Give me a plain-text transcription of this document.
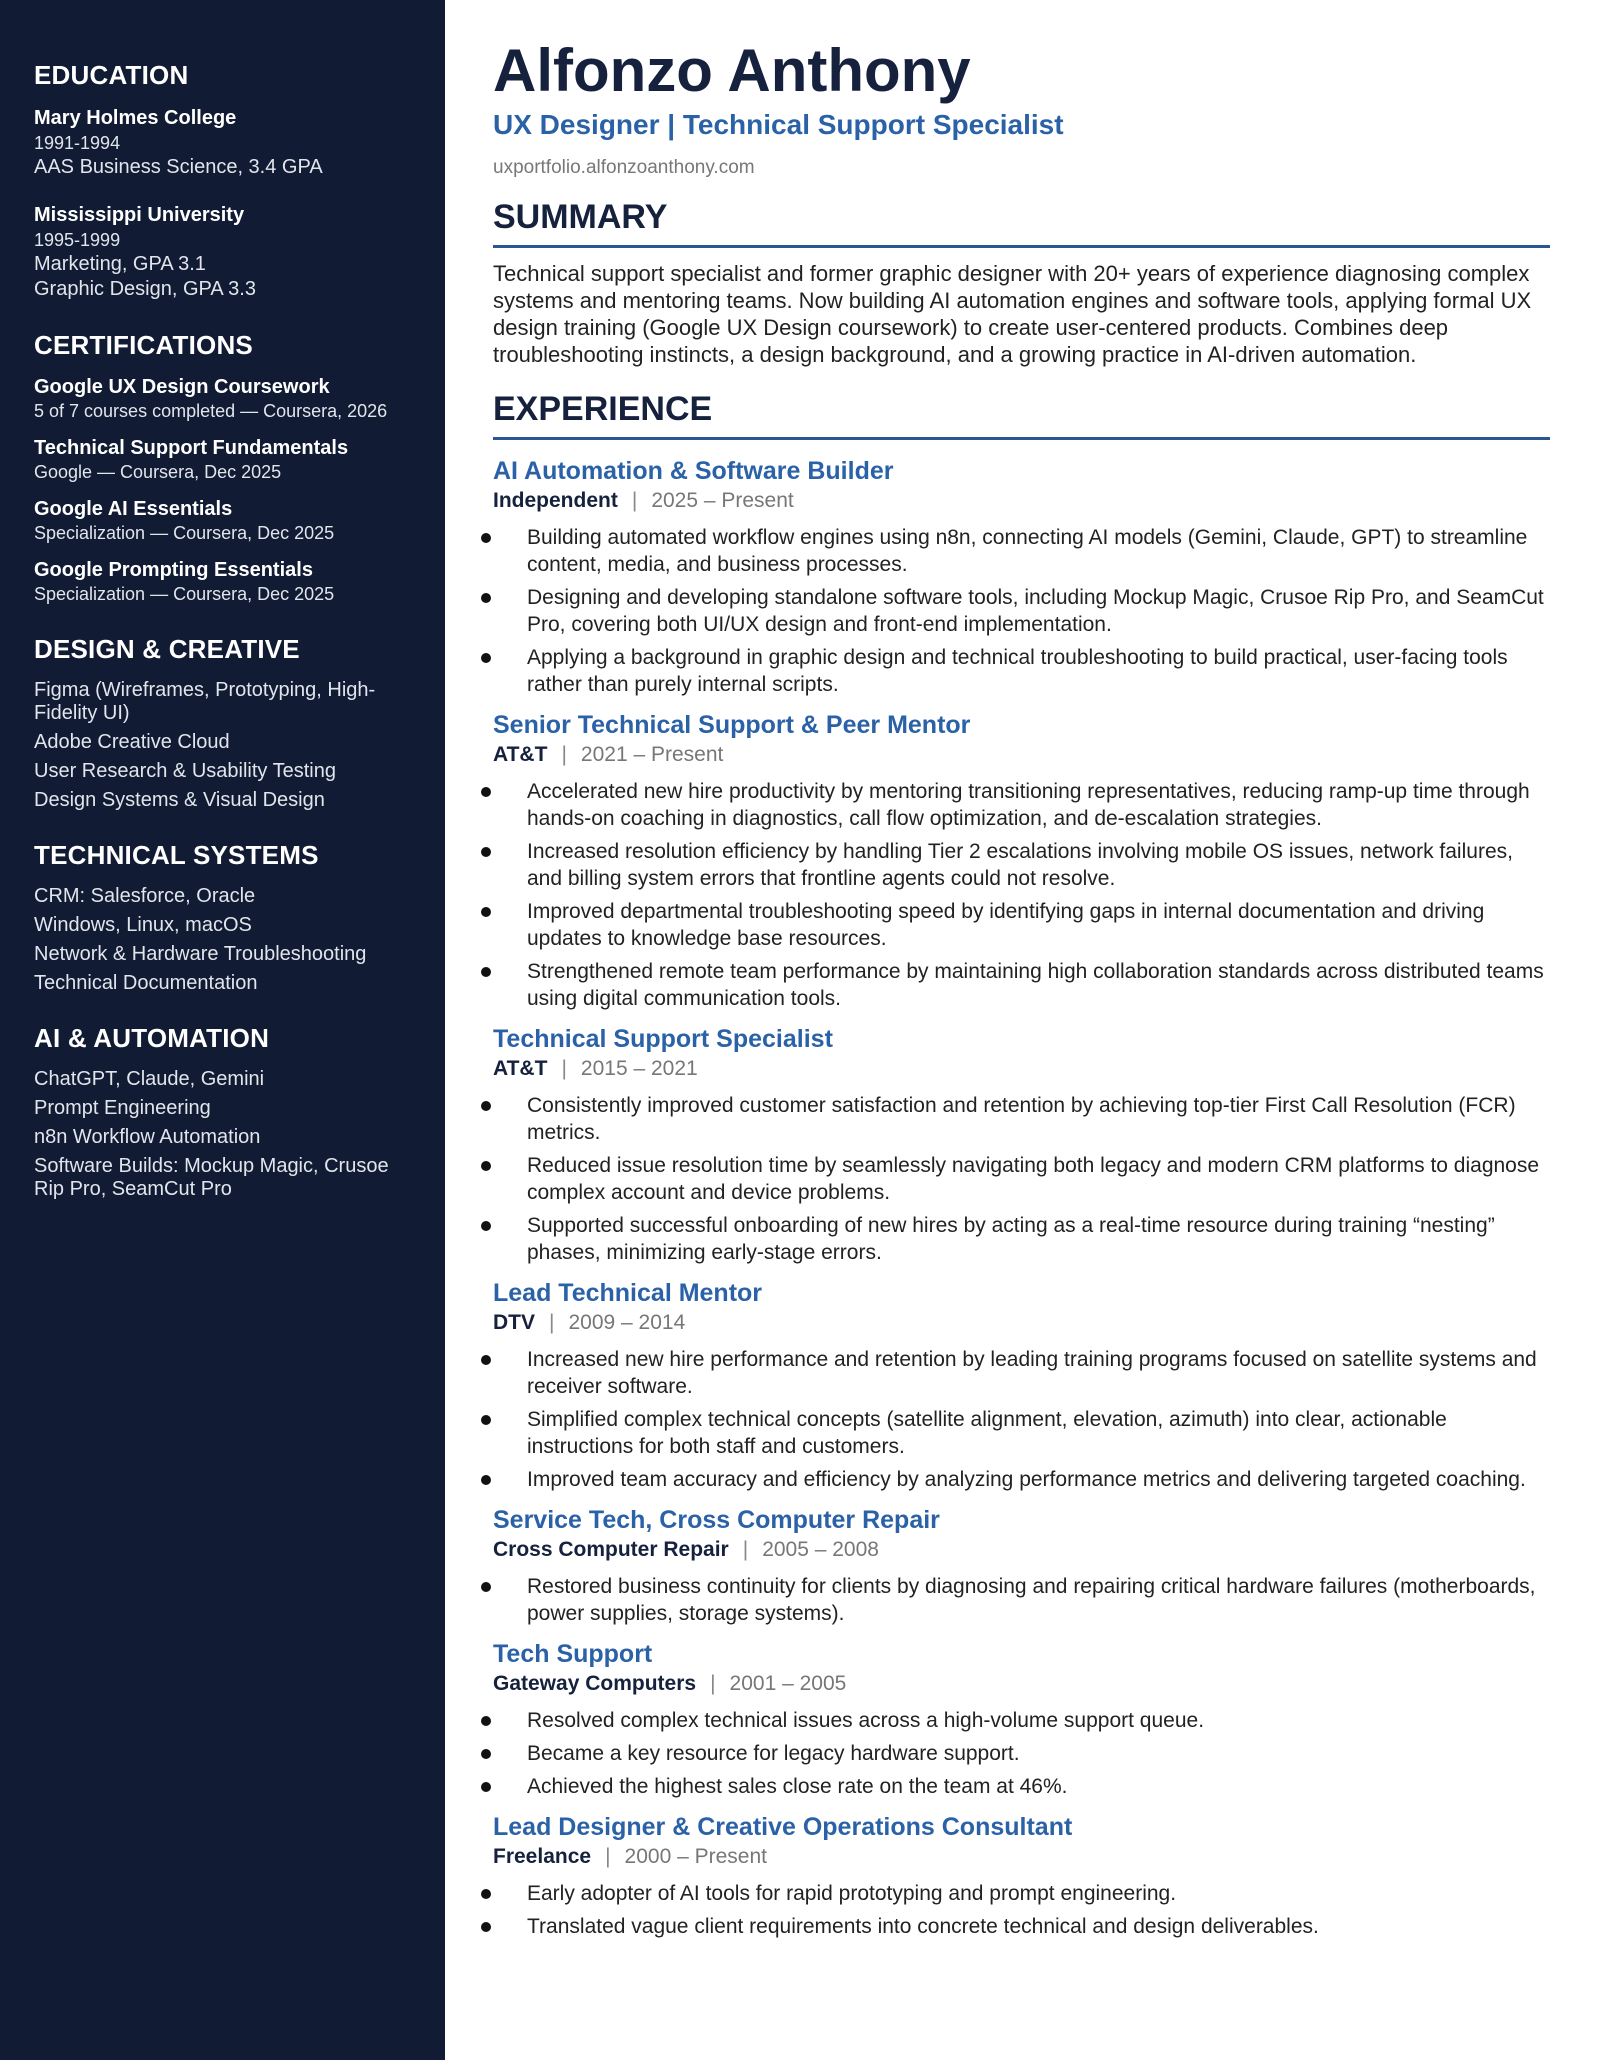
EDUCATION
Mary Holmes College
1991-1994
AAS Business Science, 3.4 GPA
Mississippi University
1995-1999
Marketing, GPA 3.1
Graphic Design, GPA 3.3
CERTIFICATIONS
Google UX Design Coursework
5 of 7 courses completed — Coursera, 2026
Technical Support Fundamentals
Google — Coursera, Dec 2025
Google AI Essentials
Specialization — Coursera, Dec 2025
Google Prompting Essentials
Specialization — Coursera, Dec 2025
DESIGN & CREATIVE
Figma (Wireframes, Prototyping, High-Fidelity UI)
Adobe Creative Cloud
User Research & Usability Testing
Design Systems & Visual Design
TECHNICAL SYSTEMS
CRM: Salesforce, Oracle
Windows, Linux, macOS
Network & Hardware Troubleshooting
Technical Documentation
AI & AUTOMATION
ChatGPT, Claude, Gemini
Prompt Engineering
n8n Workflow Automation
Software Builds: Mockup Magic, Crusoe Rip Pro, SeamCut Pro
Alfonzo Anthony
UX Designer | Technical Support Specialist
uxportfolio.alfonzoanthony.com
SUMMARY
Technical support specialist and former graphic designer with 20+ years of experience diagnosing complex systems and mentoring teams. Now building AI automation engines and software tools, applying formal UX design training (Google UX Design coursework) to create user-centered products. Combines deep troubleshooting instincts, a design background, and a growing practice in AI-driven automation.
EXPERIENCE
AI Automation & Software Builder
Independent | 2025 – Present
Building automated workflow engines using n8n, connecting AI models (Gemini, Claude, GPT) to streamline content, media, and business processes.
Designing and developing standalone software tools, including Mockup Magic, Crusoe Rip Pro, and SeamCut Pro, covering both UI/UX design and front-end implementation.
Applying a background in graphic design and technical troubleshooting to build practical, user-facing tools rather than purely internal scripts.
Senior Technical Support & Peer Mentor
AT&T | 2021 – Present
Accelerated new hire productivity by mentoring transitioning representatives, reducing ramp-up time through hands-on coaching in diagnostics, call flow optimization, and de-escalation strategies.
Increased resolution efficiency by handling Tier 2 escalations involving mobile OS issues, network failures, and billing system errors that frontline agents could not resolve.
Improved departmental troubleshooting speed by identifying gaps in internal documentation and driving updates to knowledge base resources.
Strengthened remote team performance by maintaining high collaboration standards across distributed teams using digital communication tools.
Technical Support Specialist
AT&T | 2015 – 2021
Consistently improved customer satisfaction and retention by achieving top-tier First Call Resolution (FCR) metrics.
Reduced issue resolution time by seamlessly navigating both legacy and modern CRM platforms to diagnose complex account and device problems.
Supported successful onboarding of new hires by acting as a real-time resource during training “nesting” phases, minimizing early-stage errors.
Lead Technical Mentor
DTV | 2009 – 2014
Increased new hire performance and retention by leading training programs focused on satellite systems and receiver software.
Simplified complex technical concepts (satellite alignment, elevation, azimuth) into clear, actionable instructions for both staff and customers.
Improved team accuracy and efficiency by analyzing performance metrics and delivering targeted coaching.
Service Tech, Cross Computer Repair
Cross Computer Repair | 2005 – 2008
Restored business continuity for clients by diagnosing and repairing critical hardware failures (motherboards, power supplies, storage systems).
Tech Support
Gateway Computers | 2001 – 2005
Resolved complex technical issues across a high-volume support queue.
Became a key resource for legacy hardware support.
Achieved the highest sales close rate on the team at 46%.
Lead Designer & Creative Operations Consultant
Freelance | 2000 – Present
Early adopter of AI tools for rapid prototyping and prompt engineering.
Translated vague client requirements into concrete technical and design deliverables.
